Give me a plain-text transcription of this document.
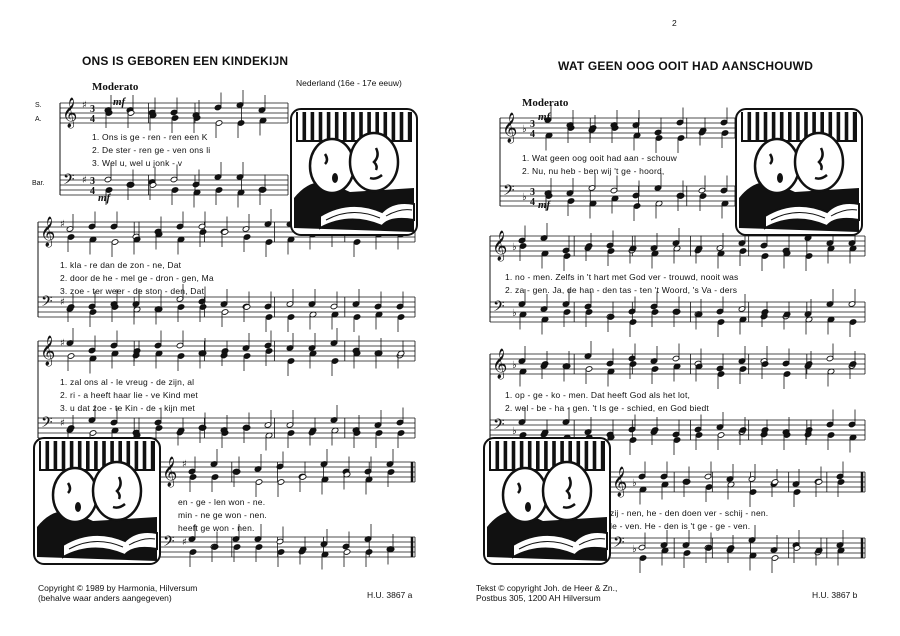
𝄞
𝄢
♯
♯
3
4
3
4
𝄞
𝄢
♯
♯
𝄞
𝄢
♯
♯
𝄞
𝄢
♯
♯
𝄞
𝄢
♭
♭
3
4
3
4
𝄞
𝄢
♭
♭
𝄞
𝄢
♭
♭
𝄞
𝄢
♭
♭
2
ONS IS GEBOREN EEN KINDEKIJN
Moderato	Nederland (16e - 17e eeuw)
S.
A.
Bar.
mf
mf
1. Ons is ge - ren - ren een K
2. De ster - ren ge - ven ons li
3. Wel u, wel u jonk - v
1. kla - re dan de zon - ne, Dat
2. door de he - mel ge - dron - gen, Ma
3. zoe - ter weer - de ston - den, Dat
1. zal ons al - le vreug - de zijn, al
2. ri - a heeft haar lie - ve Kind met
3. u dat zoe - te Kin - de - kijn met
en - ge - len won - ne.
min - ne ge won - nen.
heeft ge won - nen.
Copyright © 1989 by Harmonia, Hilversum
(behalve waar anders aangegeven)	H.U. 3867 a
WAT GEEN OOG OOIT HAD AANSCHOUWD
Moderato
mf
mf
1. Wat geen oog ooit had aan - schouw
2. Nu, nu heb - ben wij 't ge - hoord,
1. no - men. Zelfs in 't hart met God ver - trouwd, nooit was
2. za - gen. Ja, de han - den tas - ten 't Woord, 's Va - ders
1. op - ge - ko - men. Dat heeft God als het lot,
2. wel - be - ha - gen. 't Is ge - schied, en God biedt
zij - nen, he - den doen ver - schij - nen.
le - ven. He - den is 't ge - ge - ven.
Tekst © copyright Joh. de Heer & Zn.,
Postbus 305, 1200 AH Hilversum	H.U. 3867 b
